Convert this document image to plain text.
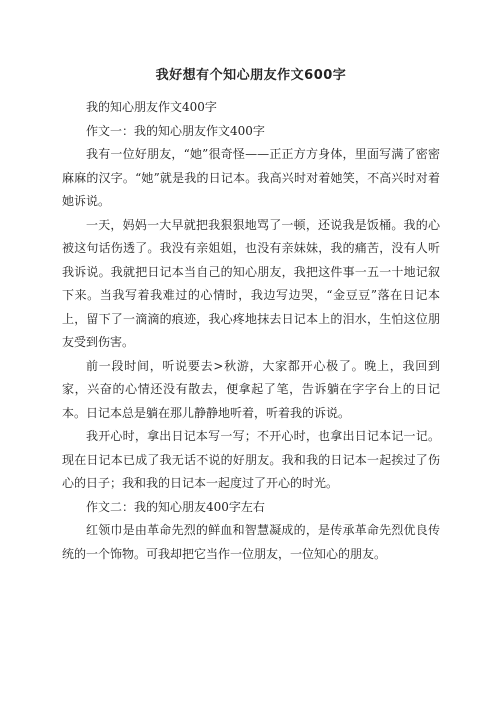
我好想有个知心朋友作文600字

我的知心朋友作文400字

作文一：我的知心朋友作文400字

我有一位好朋友，“她”很奇怪——正正方方身体，里面写满了密密麻麻的汉字。“她”就是我的日记本。我高兴时对着她笑，不高兴时对着她诉说。

一天，妈妈一大早就把我狠狠地骂了一顿，还说我是饭桶。我的心被这句话伤透了。我没有亲姐姐，也没有亲妹妹，我的痛苦，没有人听我诉说。我就把日记本当自己的知心朋友，我把这件事一五一十地记叙下来。当我写着我难过的心情时，我边写边哭，“金豆豆”落在日记本上，留下了一滴滴的痕迹，我心疼地抹去日记本上的泪水，生怕这位朋友受到伤害。

前一段时间，听说要去>秋游，大家都开心极了。晚上，我回到家，兴奋的心情还没有散去，便拿起了笔，告诉躺在字字台上的日记本。日记本总是躺在那儿静静地听着，听着我的诉说。

我开心时，拿出日记本写一写；不开心时，也拿出日记本记一记。现在日记本已成了我无话不说的好朋友。我和我的日记本一起挨过了伤心的日子；我和我的日记本一起度过了开心的时光。

作文二：我的知心朋友400字左右

红领巾是由革命先烈的鲜血和智慧凝成的，是传承革命先烈优良传统的一个饰物。可我却把它当作一位朋友，一位知心的朋友。
